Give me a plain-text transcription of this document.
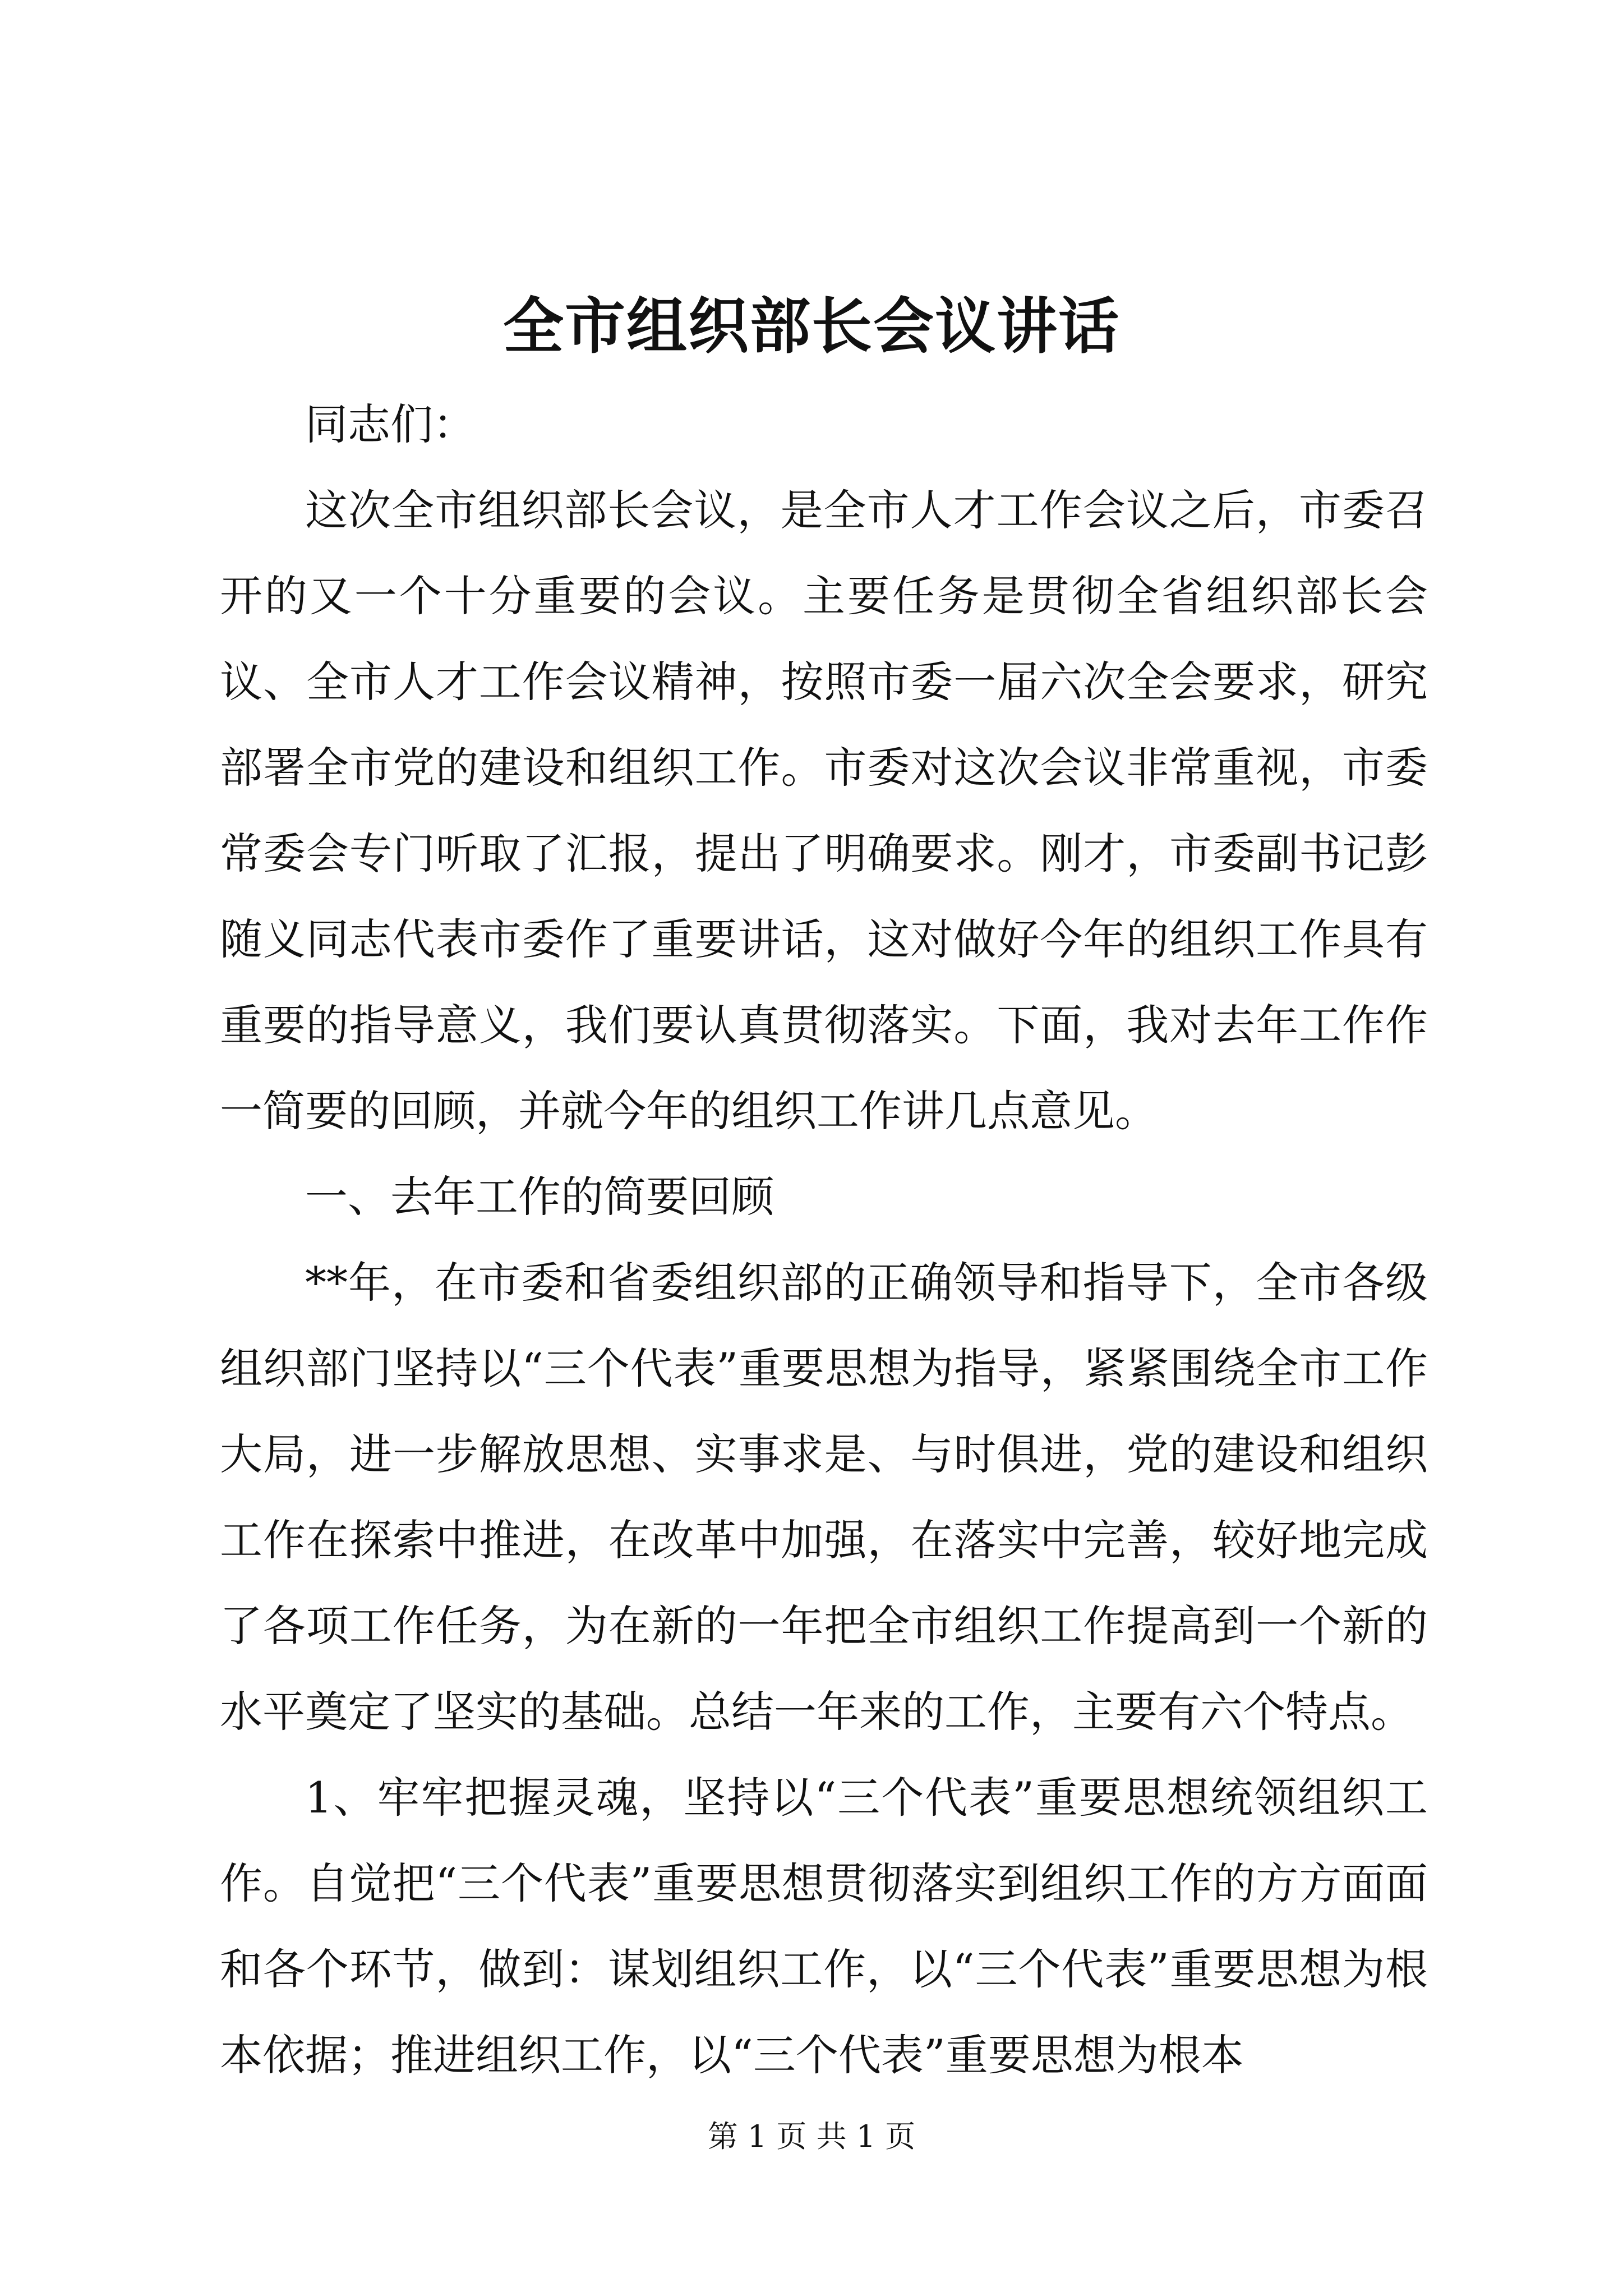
全市组织部长会议讲话

同志们：

这次全市组织部长会议，是全市人才工作会议之后，市委召开的又一个十分重要的会议。主要任务是贯彻全省组织部长会议、全市人才工作会议精神，按照市委一届六次全会要求，研究部署全市党的建设和组织工作。市委对这次会议非常重视，市委常委会专门听取了汇报，提出了明确要求。刚才，市委副书记彭随义同志代表市委作了重要讲话，这对做好今年的组织工作具有重要的指导意义，我们要认真贯彻落实。下面，我对去年工作作一简要的回顾，并就今年的组织工作讲几点意见。

一、去年工作的简要回顾

**年，在市委和省委组织部的正确领导和指导下，全市各级组织部门坚持以“三个代表”重要思想为指导，紧紧围绕全市工作大局，进一步解放思想、实事求是、与时俱进，党的建设和组织工作在探索中推进，在改革中加强，在落实中完善，较好地完成了各项工作任务，为在新的一年把全市组织工作提高到一个新的水平奠定了坚实的基础。总结一年来的工作，主要有六个特点。

1、牢牢把握灵魂，坚持以“三个代表”重要思想统领组织工作。自觉把“三个代表”重要思想贯彻落实到组织工作的方方面面和各个环节，做到：谋划组织工作，以“三个代表”重要思想为根本依据；推进组织工作，以“三个代表”重要思想为根本

第 1 页 共 1 页
